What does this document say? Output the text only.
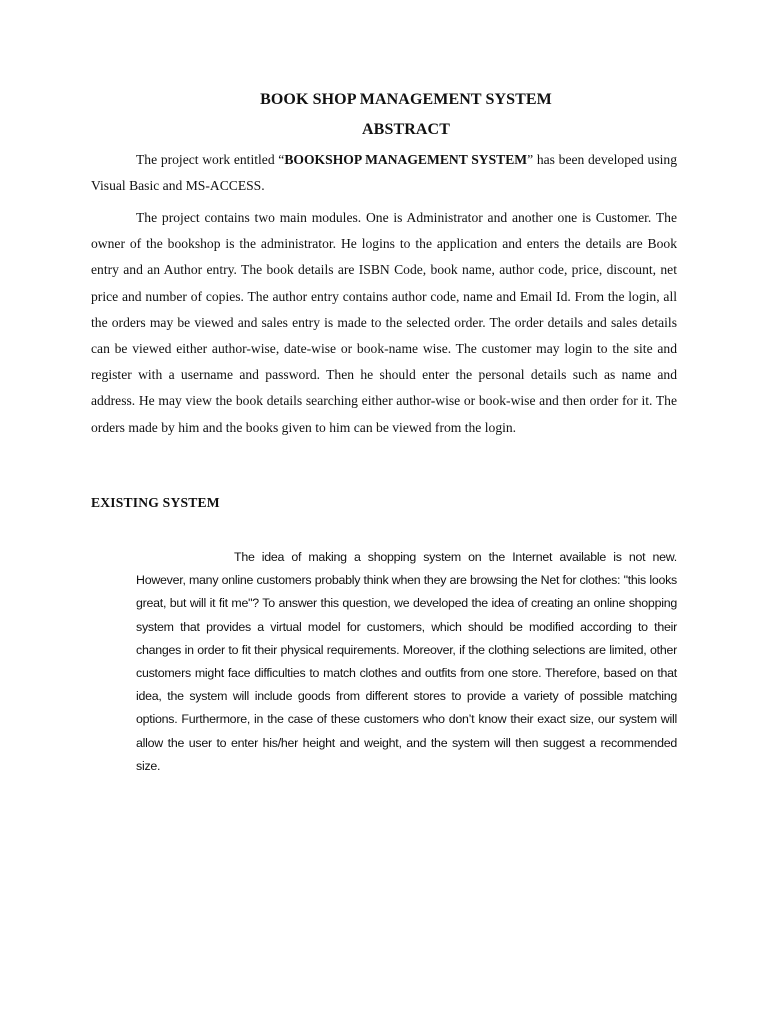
BOOK SHOP MANAGEMENT SYSTEM
ABSTRACT

The project work entitled “BOOKSHOP MANAGEMENT SYSTEM” has been developed using Visual Basic and MS-ACCESS.

The project contains two main modules. One is Administrator and another one is Customer. The owner of the bookshop is the administrator. He logins to the application and enters the details are Book entry and an Author entry. The book details are ISBN Code, book name, author code, price, discount, net price and number of copies. The author entry contains author code, name and Email Id. From the login, all the orders may be viewed and sales entry is made to the selected order. The order details and sales details can be viewed either author-wise, date-wise or book-name wise. The customer may login to the site and register with a username and password. Then he should enter the personal details such as name and address. He may view the book details searching either author-wise or book-wise and then order for it. The orders made by him and the books given to him can be viewed from the login.

EXISTING SYSTEM

The idea of making a shopping system on the Internet available is not new. However, many online customers probably think when they are browsing the Net for clothes: "this looks great, but will it fit me"? To answer this question, we developed the idea of creating an online shopping system that provides a virtual model for customers, which should be modified according to their changes in order to fit their physical requirements. Moreover, if the clothing selections are limited, other customers might face difficulties to match clothes and outfits from one store. Therefore, based on that idea, the system will include goods from different stores to provide a variety of possible matching options. Furthermore, in the case of these customers who don’t know their exact size, our system will allow the user to enter his/her height and weight, and the system will then suggest a recommended size.
